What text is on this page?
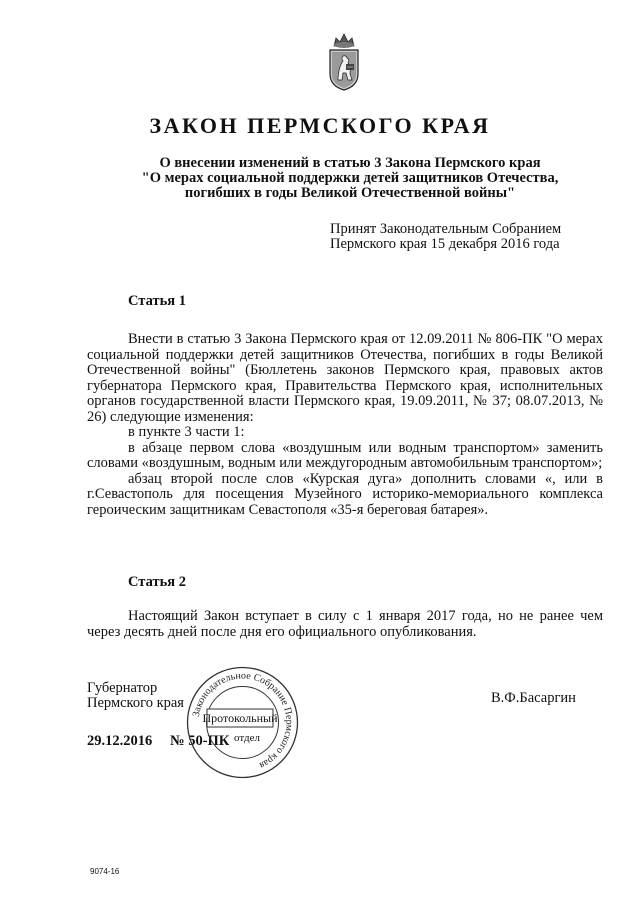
ЗАКОН ПЕРМСКОГО КРАЯ
О внесении изменений в статью 3 Закона Пермского края
"О мерах социальной поддержки детей защитников Отечества,
погибших в годы Великой Отечественной войны"
Принят Законодательным Собранием
Пермского края 15 декабря 2016 года
Статья 1

Внести в статью 3 Закона Пермского края от 12.09.2011 № 806-ПК "О мерах социальной поддержки детей защитников Отечества, погибших в годы Великой Отечественной войны" (Бюллетень законов Пермского края, правовых актов губернатора Пермского края, Правительства Пермского края, исполнительных органов государственной власти Пермского края, 19.09.2011, № 37; 08.07.2013, № 26) следующие изменения:

в пункте 3 части 1:

в абзаце первом слова «воздушным или водным транспортом» заменить словами «воздушным, водным или междугородным автомобильным транспортом»;

абзац второй после слов «Курская дуга» дополнить словами «, или в г.Севастополь для посещения Музейного историко-мемориального комплекса героическим защитникам Севастополя «35-я береговая батарея».

Статья 2

Настоящий Закон вступает в силу с 1 января 2017 года, но не ранее чем через десять дней после дня его официального опубликования.

Губернатор
Пермского края	В.Ф.Басаргин
29.12.2016 № 50-ПК
Законодательное Собрание Пермского края
Протокольный
отдел
9074-16
